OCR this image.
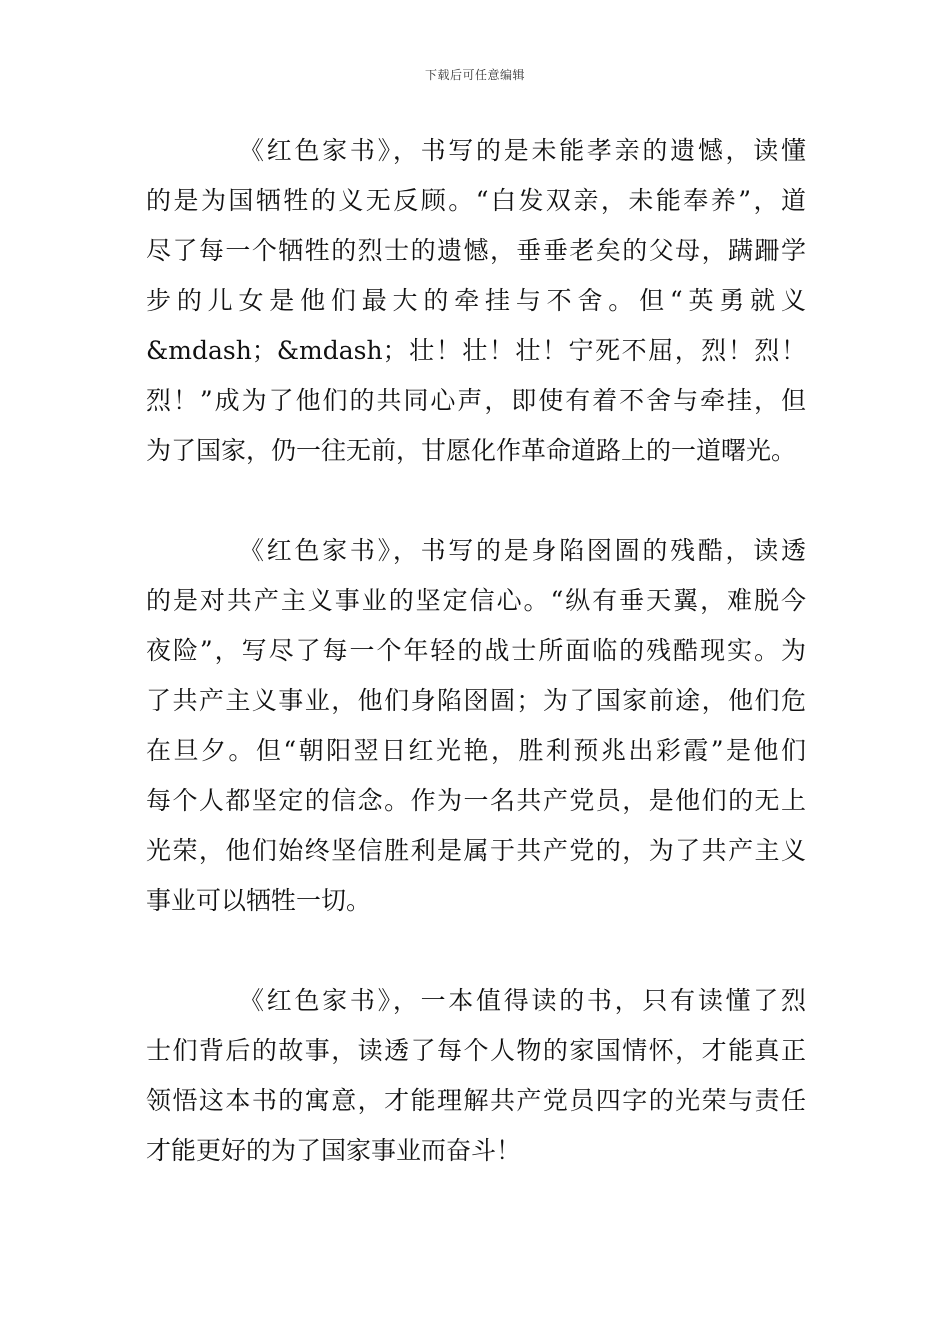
下载后可任意编辑
《红色家书》，书写的是未能孝亲的遗憾，读懂
的是为国牺牲的义无反顾。“白发双亲，未能奉养”，道
尽了每一个牺牲的烈士的遗憾，垂垂老矣的父母，蹒跚学
步的儿女是他们最大的牵挂与不舍。但“英勇就义
&mdash；&mdash；壮！壮！壮！宁死不屈，烈！烈！
烈！”成为了他们的共同心声，即使有着不舍与牵挂，但
为了国家，仍一往无前，甘愿化作革命道路上的一道曙光。
《红色家书》，书写的是身陷囹圄的残酷，读透
的是对共产主义事业的坚定信心。“纵有垂天翼，难脱今
夜险”，写尽了每一个年轻的战士所面临的残酷现实。为
了共产主义事业，他们身陷囹圄；为了国家前途，他们危
在旦夕。但“朝阳翌日红光艳，胜利预兆出彩霞”是他们
每个人都坚定的信念。作为一名共产党员，是他们的无上
光荣，他们始终坚信胜利是属于共产党的，为了共产主义
事业可以牺牲一切。
《红色家书》，一本值得读的书，只有读懂了烈
士们背后的故事，读透了每个人物的家国情怀，才能真正
领悟这本书的寓意，才能理解共产党员四字的光荣与责任
才能更好的为了国家事业而奋斗！
